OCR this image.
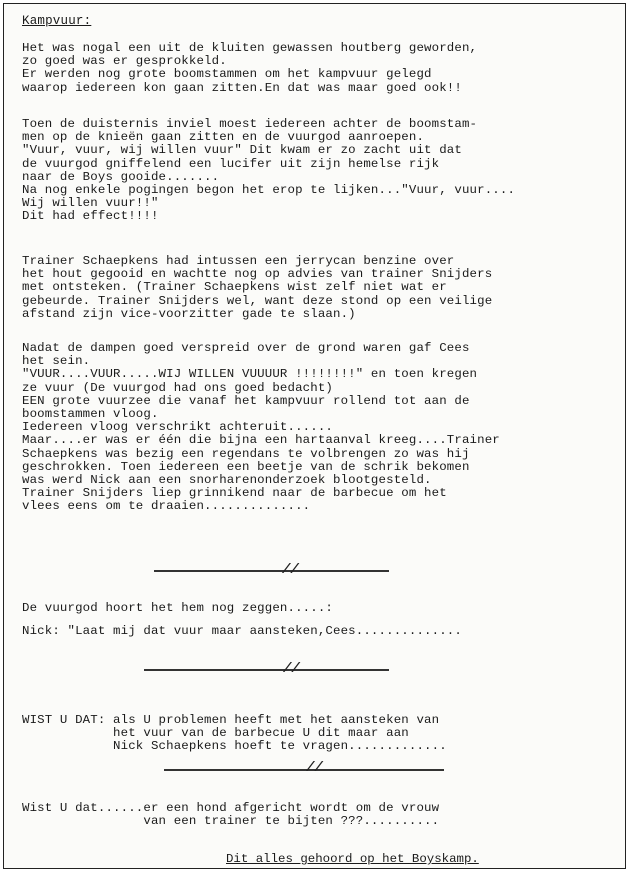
Kampvuur:
Het was nogal een uit de kluiten gewassen houtberg geworden,
zo goed was er gesprokkeld.
Er werden nog grote boomstammen om het kampvuur gelegd
waarop iedereen kon gaan zitten.En dat was maar goed ook!!
Toen de duisternis inviel moest iedereen achter de boomstam-
men op de knieën gaan zitten en de vuurgod aanroepen.
"Vuur, vuur, wij willen vuur" Dit kwam er zo zacht uit dat
de vuurgod gniffelend een lucifer uit zijn hemelse rijk
naar de Boys gooide.......
Na nog enkele pogingen begon het erop te lijken..."Vuur, vuur....
Wij willen vuur!!"
Dit had effect!!!!
Trainer Schaepkens had intussen een jerrycan benzine over
het hout gegooid en wachtte nog op advies van trainer Snijders
met ontsteken. (Trainer Schaepkens wist zelf niet wat er
gebeurde. Trainer Snijders wel, want deze stond op een veilige
afstand zijn vice-voorzitter gade te slaan.)
Nadat de dampen goed verspreid over de grond waren gaf Cees
het sein.
"VUUR....VUUR.....WIJ WILLEN VUUUUR !!!!!!!!" en toen kregen
ze vuur (De vuurgod had ons goed bedacht)
EEN grote vuurzee die vanaf het kampvuur rollend tot aan de
boomstammen vloog.
Iedereen vloog verschrikt achteruit......
Maar....er was er één die bijna een hartaanval kreeg....Trainer
Schaepkens was bezig een regendans te volbrengen zo was hij
geschrokken. Toen iedereen een beetje van de schrik bekomen
was werd Nick aan een snorharenonderzoek blootgesteld.
Trainer Snijders liep grinnikend naar de barbecue om het
vlees eens om te draaien..............
//
De vuurgod hoort het hem nog zeggen.....:
Nick: "Laat mij dat vuur maar aansteken,Cees..............
//
WIST U DAT: als U problemen heeft met het aansteken van
het vuur van de barbecue U dit maar aan
Nick Schaepkens hoeft te vragen.............
//
Wist U dat......er een hond afgericht wordt om de vrouw
van een trainer te bijten ???..........
Dit alles gehoord op het Boyskamp.
